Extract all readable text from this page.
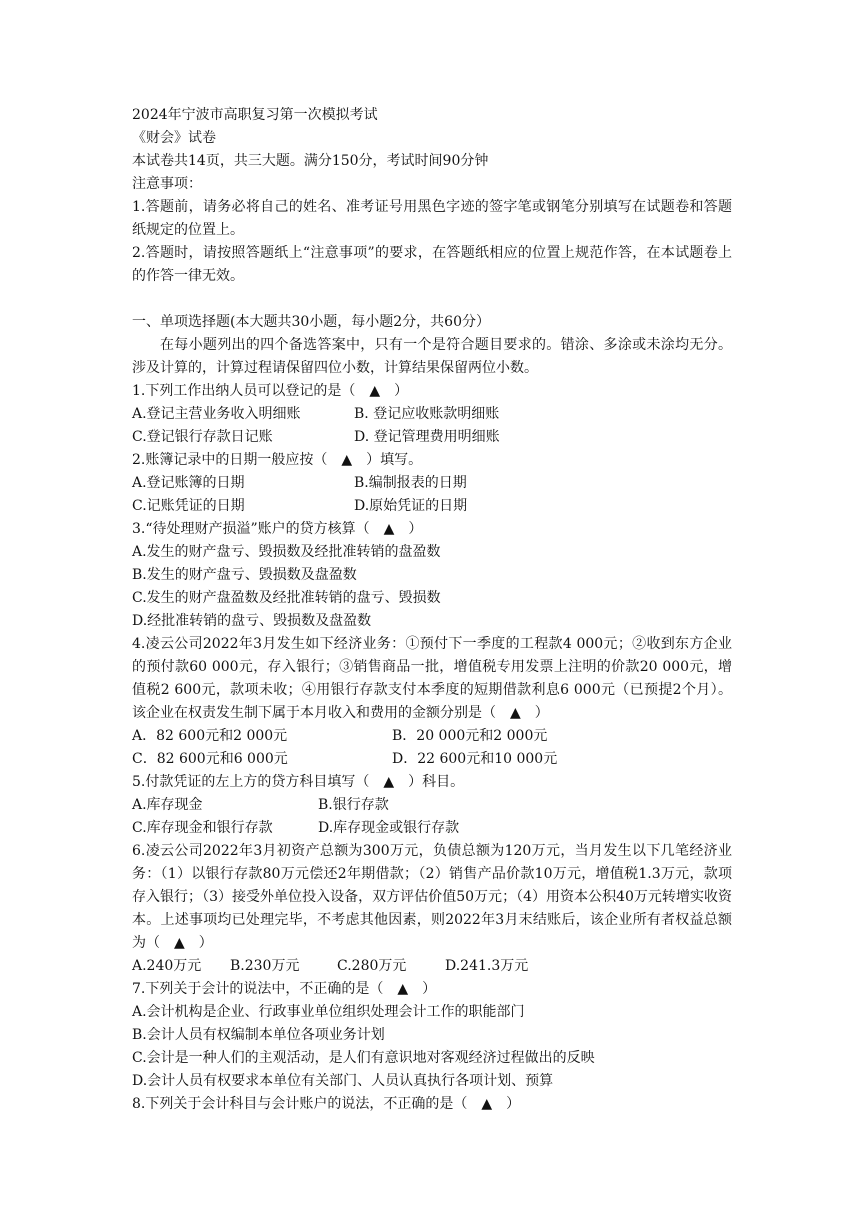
2024年宁波市高职复习第一次模拟考试
《财会》试卷
本试卷共14页，共三大题。满分150分，考试时间90分钟
注意事项：
1.答题前，请务必将自己的姓名、准考证号用黑色字迹的签字笔或钢笔分别填写在试题卷和答题纸规定的位置上。
2.答题时，请按照答题纸上“注意事项”的要求，在答题纸相应的位置上规范作答，在本试题卷上的作答一律无效。
一、单项选择题(本大题共30小题，每小题2分，共60分）
在每小题列出的四个备选答案中，只有一个是符合题目要求的。错涂、多涂或未涂均无分。涉及计算的，计算过程请保留四位小数，计算结果保留两位小数。
1.下列工作出纳人员可以登记的是（　▲　）
A.登记主营业务收入明细账	B. 登记应收账款明细账
C.登记银行存款日记账	D. 登记管理费用明细账
2.账簿记录中的日期一般应按（　▲　）填写。
A.登记账簿的日期	B.编制报表的日期
C.记账凭证的日期	D.原始凭证的日期
3.“待处理财产损溢”账户的贷方核算（　▲　）
A.发生的财产盘亏、毁损数及经批准转销的盘盈数
B.发生的财产盘亏、毁损数及盘盈数
C.发生的财产盘盈数及经批准转销的盘亏、毁损数
D.经批准转销的盘亏、毁损数及盘盈数
4.凌云公司2022年3月发生如下经济业务：①预付下一季度的工程款4 000元；②收到东方企业的预付款60 000元，存入银行；③销售商品一批，增值税专用发票上注明的价款20 000元，增值税2 600元，款项未收；④用银行存款支付本季度的短期借款利息6 000元（已预提2个月）。该企业在权责发生制下属于本月收入和费用的金额分别是（　▲　）
A．82 600元和2 000元	B．20 000元和2 000元
C．82 600元和6 000元	D．22 600元和10 000元
5.付款凭证的左上方的贷方科目填写（　▲　）科目。
A.库存现金	B.银行存款
C.库存现金和银行存款	D.库存现金或银行存款
6.凌云公司2022年3月初资产总额为300万元，负债总额为120万元，当月发生以下几笔经济业务：（1）以银行存款80万元偿还2年期借款；（2）销售产品价款10万元，增值税1.3万元，款项存入银行；（3）接受外单位投入设备，双方评估价值50万元；（4）用资本公积40万元转增实收资本。上述事项均已处理完毕，不考虑其他因素，则2022年3月末结账后，该企业所有者权益总额为（　▲　）
A.240万元	B.230万元	C.280万元	D.241.3万元
7.下列关于会计的说法中，不正确的是（　▲　）
A.会计机构是企业、行政事业单位组织处理会计工作的职能部门
B.会计人员有权编制本单位各项业务计划
C.会计是一种人们的主观活动，是人们有意识地对客观经济过程做出的反映
D.会计人员有权要求本单位有关部门、人员认真执行各项计划、预算
8.下列关于会计科目与会计账户的说法，不正确的是（　▲　）
